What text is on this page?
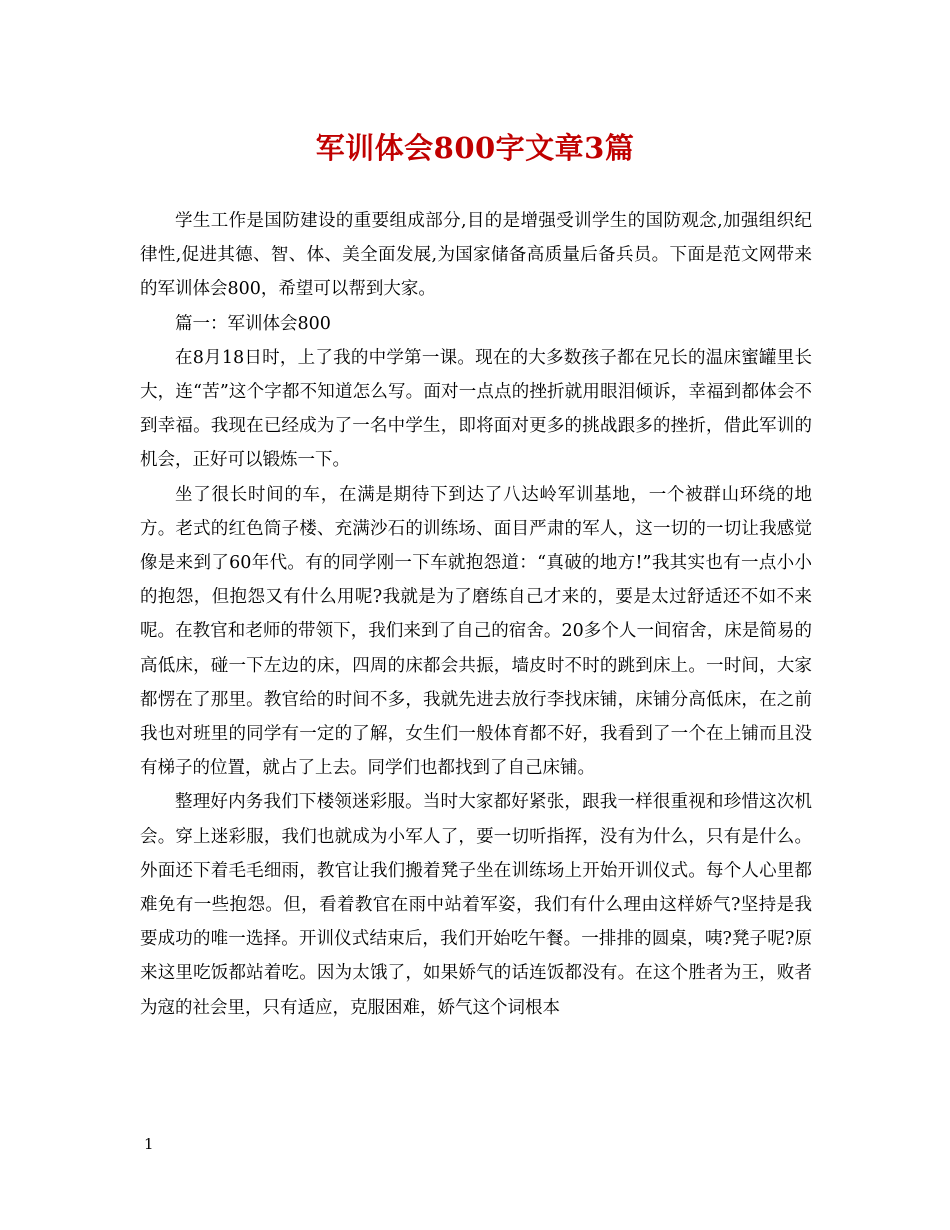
军训体会800字文章3篇

学生工作是国防建设的重要组成部分,目的是增强受训学生的国防观念,加强组织纪律性,促进其德、智、体、美全面发展,为国家储备高质量后备兵员。下面是范文网带来的军训体会800，希望可以帮到大家。

篇一：军训体会800

在8月18日时，上了我的中学第一课。现在的大多数孩子都在兄长的温床蜜罐里长大，连“苦”这个字都不知道怎么写。面对一点点的挫折就用眼泪倾诉，幸福到都体会不到幸福。我现在已经成为了一名中学生，即将面对更多的挑战跟多的挫折，借此军训的机会，正好可以锻炼一下。

坐了很长时间的车，在满是期待下到达了八达岭军训基地，一个被群山环绕的地方。老式的红色筒子楼、充满沙石的训练场、面目严肃的军人，这一切的一切让我感觉像是来到了60年代。有的同学刚一下车就抱怨道：“真破的地方!”我其实也有一点小小的抱怨，但抱怨又有什么用呢?我就是为了磨练自己才来的，要是太过舒适还不如不来呢。在教官和老师的带领下，我们来到了自己的宿舍。20多个人一间宿舍，床是简易的高低床，碰一下左边的床，四周的床都会共振，墙皮时不时的跳到床上。一时间，大家都愣在了那里。教官给的时间不多，我就先进去放行李找床铺，床铺分高低床，在之前我也对班里的同学有一定的了解，女生们一般体育都不好，我看到了一个在上铺而且没有梯子的位置，就占了上去。同学们也都找到了自己床铺。

整理好内务我们下楼领迷彩服。当时大家都好紧张，跟我一样很重视和珍惜这次机会。穿上迷彩服，我们也就成为小军人了，要一切听指挥，没有为什么，只有是什么。外面还下着毛毛细雨，教官让我们搬着凳子坐在训练场上开始开训仪式。每个人心里都难免有一些抱怨。但，看着教官在雨中站着军姿，我们有什么理由这样娇气?坚持是我要成功的唯一选择。开训仪式结束后，我们开始吃午餐。一排排的圆桌，咦?凳子呢?原来这里吃饭都站着吃。因为太饿了，如果娇气的话连饭都没有。在这个胜者为王，败者为寇的社会里，只有适应，克服困难，娇气这个词根本

1
